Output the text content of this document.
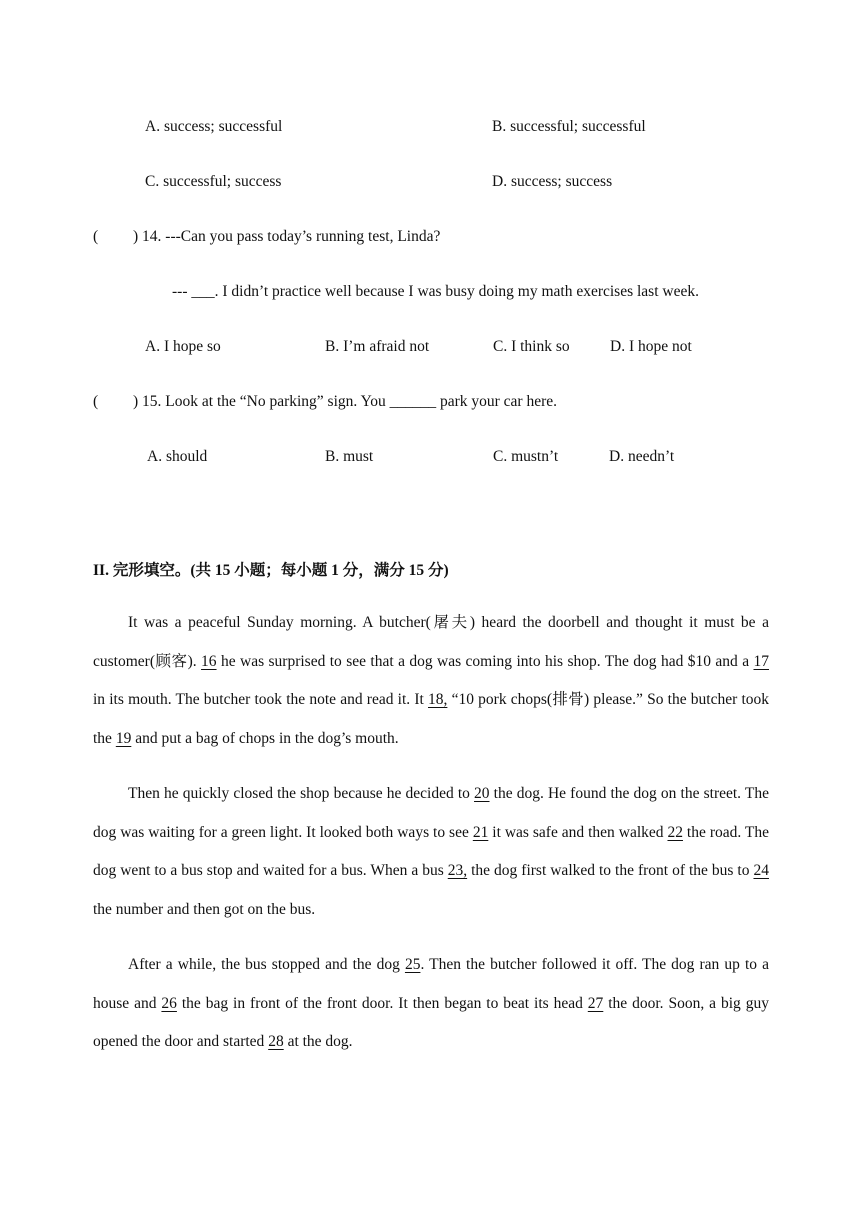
A. success; successful	B. successful; successful
C. successful; success	D. success; success
( ) 14. ---Can you pass today’s running test, Linda?
--- ___. I didn’t practice well because I was busy doing my math exercises last week.
A. I hope so	B. I’m afraid not	C. I think so	D. I hope not
( ) 15. Look at the “No parking” sign. You ______ park your car here.
A. should	B. must	C. mustn’t	D. needn’t
II. 完形填空。(共 15 小题；每小题 1 分，满分 15 分)
It was a peaceful Sunday morning. A butcher(屠夫) heard the doorbell and thought it must be a customer(顾客). 16 he was surprised to see that a dog was coming into his shop. The dog had $10 and a 17 in its mouth. The butcher took the note and read it. It 18, “10 pork chops(排骨) please.” So the butcher took the 19 and put a bag of chops in the dog’s mouth.
Then he quickly closed the shop because he decided to 20 the dog. He found the dog on the street. The dog was waiting for a green light. It looked both ways to see 21 it was safe and then walked 22 the road. The dog went to a bus stop and waited for a bus. When a bus 23, the dog first walked to the front of the bus to 24 the number and then got on the bus.
After a while, the bus stopped and the dog 25. Then the butcher followed it off. The dog ran up to a house and 26 the bag in front of the front door. It then began to beat its head 27 the door. Soon, a big guy opened the door and started 28 at the dog.
